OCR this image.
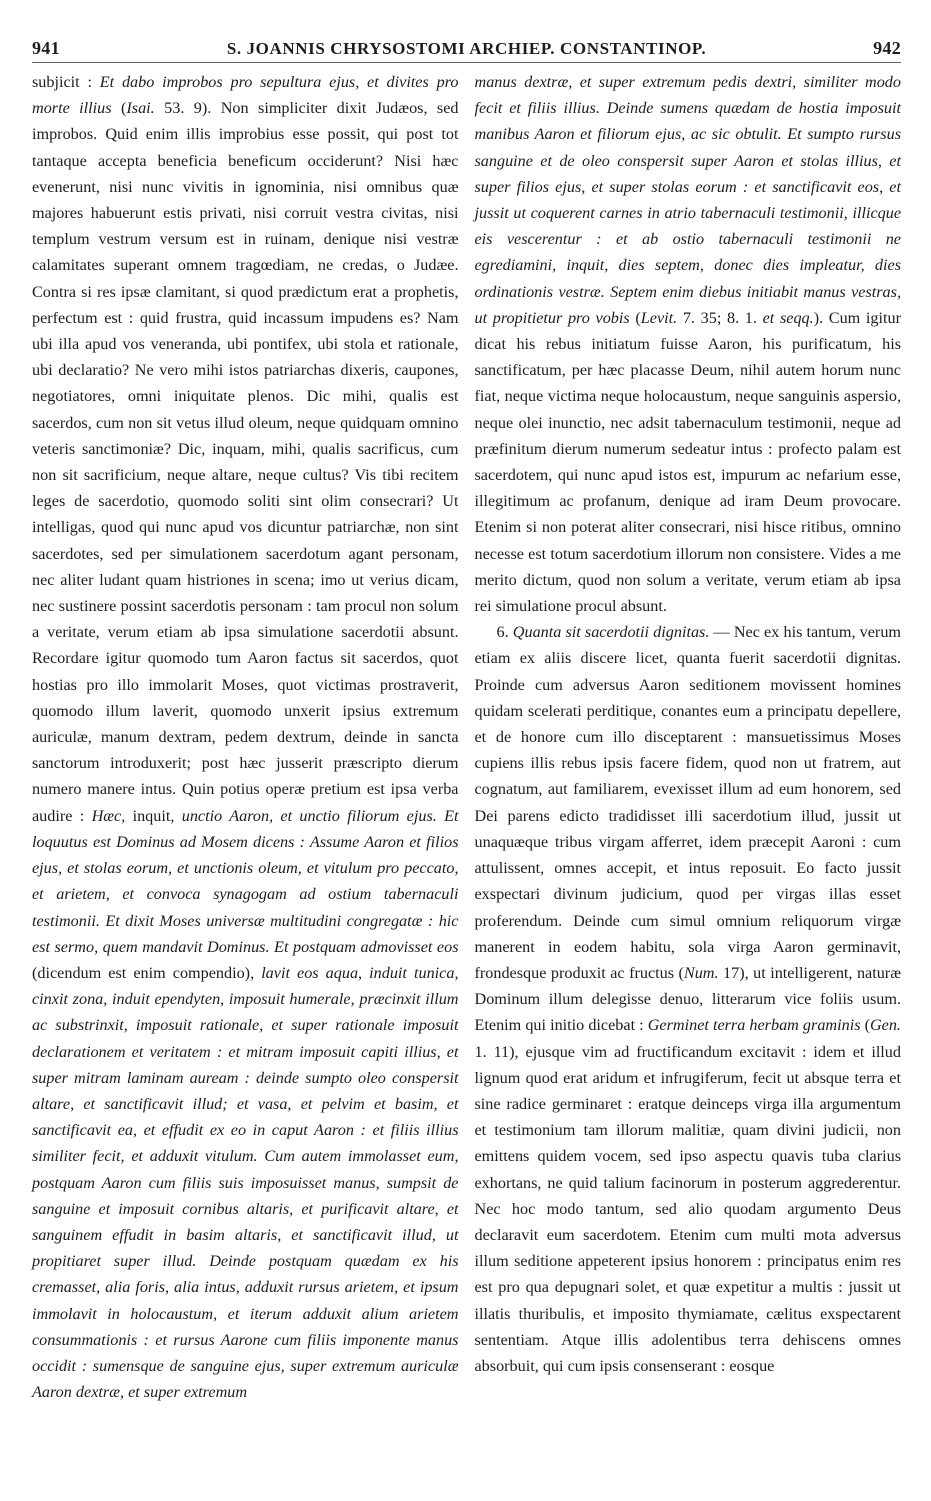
941	S. JOANNIS CHRYSOSTOMI ARCHIEP. CONSTANTINOP.	942

subjicit : Et dabo improbos pro sepultura ejus, et divites pro morte illius (Isai. 53. 9). Non simpliciter dixit Judæos, sed improbos. Quid enim illis improbius esse possit, qui post tot tantaque accepta beneficia beneficum occiderunt? Nisi hæc evenerunt, nisi nunc vivitis in ignominia, nisi omnibus quæ majores habuerunt estis privati, nisi corruit vestra civitas, nisi templum vestrum versum est in ruinam, denique nisi vestræ calamitates superant omnem tragœdiam, ne credas, o Judæe. Contra si res ipsæ clamitant, si quod prædictum erat a prophetis, perfectum est : quid frustra, quid incassum impudens es? Nam ubi illa apud vos veneranda, ubi pontifex, ubi stola et rationale, ubi declaratio? Ne vero mihi istos patriarchas dixeris, caupones, negotiatores, omni iniquitate plenos. Dic mihi, qualis est sacerdos, cum non sit vetus illud oleum, neque quidquam omnino veteris sanctimoniæ? Dic, inquam, mihi, qualis sacrificus, cum non sit sacrificium, neque altare, neque cultus? Vis tibi recitem leges de sacerdotio, quomodo soliti sint olim consecrari? Ut intelligas, quod qui nunc apud vos dicuntur patriarchæ, non sint sacerdotes, sed per simulationem sacerdotum agant personam, nec aliter ludant quam histriones in scena; imo ut verius dicam, nec sustinere possint sacerdotis personam : tam procul non solum a veritate, verum etiam ab ipsa simulatione sacerdotii absunt. Recordare igitur quomodo tum Aaron factus sit sacerdos, quot hostias pro illo immolarit Moses, quot victimas prostraverit, quomodo illum laverit, quomodo unxerit ipsius extremum auriculæ, manum dextram, pedem dextrum, deinde in sancta sanctorum introduxerit; post hæc jusserit præscripto dierum numero manere intus. Quin potius operæ pretium est ipsa verba audire : Hæc, inquit, unctio Aaron, et unctio filiorum ejus. Et loquutus est Dominus ad Mosem dicens : Assume Aaron et filios ejus, et stolas eorum, et unctionis oleum, et vitulum pro peccato, et arietem, et convoca synagogam ad ostium tabernaculi testimonii. Et dixit Moses universæ multitudini congregatæ : hic est sermo, quem mandavit Dominus. Et postquam admovisset eos (dicendum est enim compendio), lavit eos aqua, induit tunica, cinxit zona, induit ependyten, imposuit humerale, præcinxit illum ac substrinxit, imposuit rationale, et super rationale imposuit declarationem et veritatem : et mitram imposuit capiti illius, et super mitram laminam auream : deinde sumpto oleo conspersit altare, et sanctificavit illud; et vasa, et pelvim et basim, et sanctificavit ea, et effudit ex eo in caput Aaron : et filiis illius similiter fecit, et adduxit vitulum. Cum autem immolasset eum, postquam Aaron cum filiis suis imposuisset manus, sumpsit de sanguine et imposuit cornibus altaris, et purificavit altare, et sanguinem effudit in basim altaris, et sanctificavit illud, ut propitiaret super illud. Deinde postquam quædam ex his cremasset, alia foris, alia intus, adduxit rursus arietem, et ipsum immolavit in holocaustum, et iterum adduxit alium arietem consummationis : et rursus Aarone cum filiis imponente manus occidit : sumensque de sanguine ejus, super extremum auriculæ Aaron dextræ, et super extremum

manus dextræ, et super extremum pedis dextri, similiter modo fecit et filiis illius. Deinde sumens quædam de hostia imposuit manibus Aaron et filiorum ejus, ac sic obtulit. Et sumpto rursus sanguine et de oleo conspersit super Aaron et stolas illius, et super filios ejus, et super stolas eorum : et sanctificavit eos, et jussit ut coquerent carnes in atrio tabernaculi testimonii, illicque eis vescerentur : et ab ostio tabernaculi testimonii ne egrediamini, inquit, dies septem, donec dies impleatur, dies ordinationis vestræ. Septem enim diebus initiabit manus vestras, ut propitietur pro vobis (Levit. 7. 35; 8. 1. et seqq.). Cum igitur dicat his rebus initiatum fuisse Aaron, his purificatum, his sanctificatum, per hæc placasse Deum, nihil autem horum nunc fiat, neque victima neque holocaustum, neque sanguinis aspersio, neque olei inunctio, nec adsit tabernaculum testimonii, neque ad præfinitum dierum numerum sedeatur intus : profecto palam est sacerdotem, qui nunc apud istos est, impurum ac nefarium esse, illegitimum ac profanum, denique ad iram Deum provocare. Etenim si non poterat aliter consecrari, nisi hisce ritibus, omnino necesse est totum sacerdotium illorum non consistere. Vides a me merito dictum, quod non solum a veritate, verum etiam ab ipsa rei simulatione procul absunt.

6. Quanta sit sacerdotii dignitas. — Nec ex his tantum, verum etiam ex aliis discere licet, quanta fuerit sacerdotii dignitas. Proinde cum adversus Aaron seditionem movissent homines quidam scelerati perditique, conantes eum a principatu depellere, et de honore cum illo disceptarent : mansuetissimus Moses cupiens illis rebus ipsis facere fidem, quod non ut fratrem, aut cognatum, aut familiarem, evexisset illum ad eum honorem, sed Dei parens edicto tradidisset illi sacerdotium illud, jussit ut unaquæque tribus virgam afferret, idem præcepit Aaroni : cum attulissent, omnes accepit, et intus reposuit. Eo facto jussit exspectari divinum judicium, quod per virgas illas esset proferendum. Deinde cum simul omnium reliquorum virgæ manerent in eodem habitu, sola virga Aaron germinavit, frondesque produxit ac fructus (Num. 17), ut intelligerent, naturæ Dominum illum delegisse denuo, litterarum vice foliis usum. Etenim qui initio dicebat : Germinet terra herbam graminis (Gen. 1. 11), ejusque vim ad fructificandum excitavit : idem et illud lignum quod erat aridum et infrugiferum, fecit ut absque terra et sine radice germinaret : eratque deinceps virga illa argumentum et testimonium tam illorum malitiæ, quam divini judicii, non emittens quidem vocem, sed ipso aspectu quavis tuba clarius exhortans, ne quid talium facinorum in posterum aggrederentur. Nec hoc modo tantum, sed alio quodam argumento Deus declaravit eum sacerdotem. Etenim cum multi mota adversus illum seditione appeterent ipsius honorem : principatus enim res est pro qua depugnari solet, et quæ expetitur a multis : jussit ut illatis thuribulis, et imposito thymiamate, cælitus exspectarent sententiam. Atque illis adolentibus terra dehiscens omnes absorbuit, qui cum ipsis consenserant : eosque
